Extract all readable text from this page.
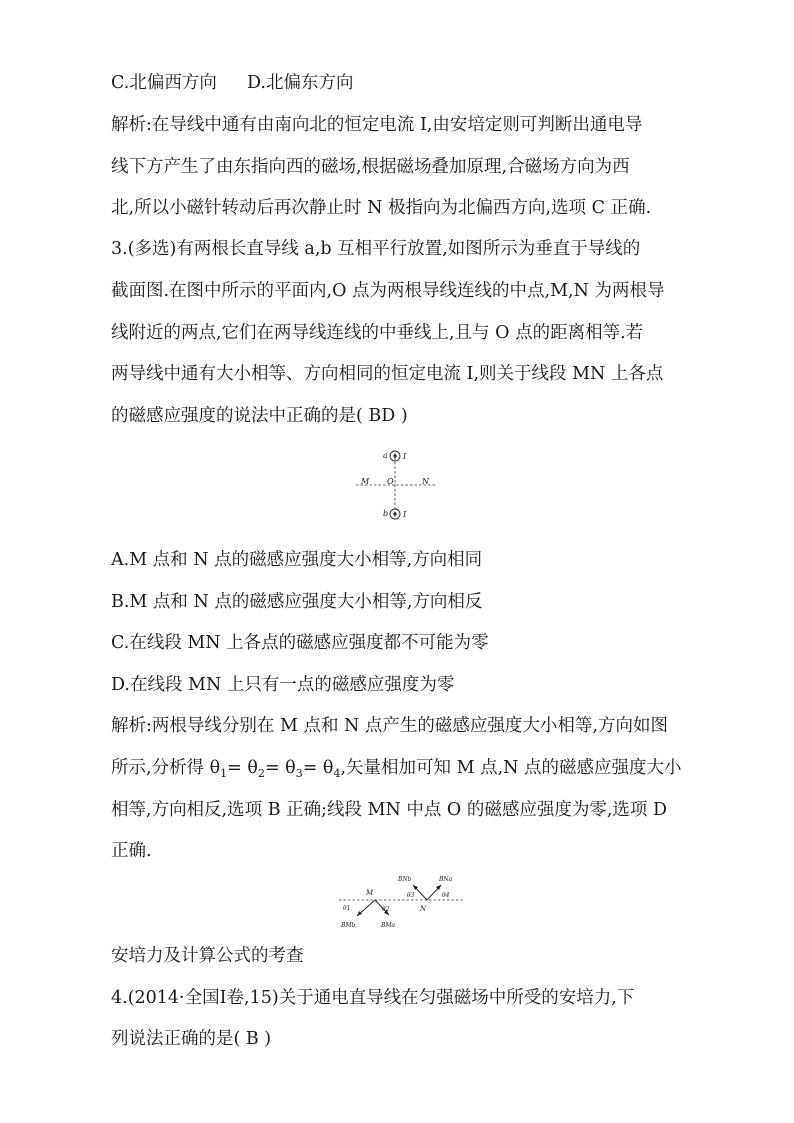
C.北偏西方向 D.北偏东方向
解析:在导线中通有由南向北的恒定电流 I,由安培定则可判断出通电导
线下方产生了由东指向西的磁场,根据磁场叠加原理,合磁场方向为西
北,所以小磁针转动后再次静止时 N 极指向为北偏西方向,选项 C 正确.
3.(多选)有两根长直导线 a,b 互相平行放置,如图所示为垂直于导线的
截面图.在图中所示的平面内,O 点为两根导线连线的中点,M,N 为两根导
线附近的两点,它们在两导线连线的中垂线上,且与 O 点的距离相等.若
两导线中通有大小相等、方向相同的恒定电流 I,则关于线段 MN 上各点
的磁感应强度的说法中正确的是( BD )
a I
b I
M O	N
A.M 点和 N 点的磁感应强度大小相等,方向相同
B.M 点和 N 点的磁感应强度大小相等,方向相反
C.在线段 MN 上各点的磁感应强度都不可能为零
D.在线段 MN 上只有一点的磁感应强度为零
解析:两根导线分别在 M 点和 N 点产生的磁感应强度大小相等,方向如图
所示,分析得 $\theta_1= \theta_2= \theta_3= \theta_4$,矢量相加可知 M 点,N 点的磁感应强度大小
相等,方向相反,选项 B 正确;线段 MN 中点 O 的磁感应强度为零,选项 D
正确.
M
N
θ1	θ2
θ3	θ4
BMb	BMa
BNb	BNa
安培力及计算公式的考查
4.(2014·全国Ⅰ卷,15)关于通电直导线在匀强磁场中所受的安培力,下
列说法正确的是( B )
